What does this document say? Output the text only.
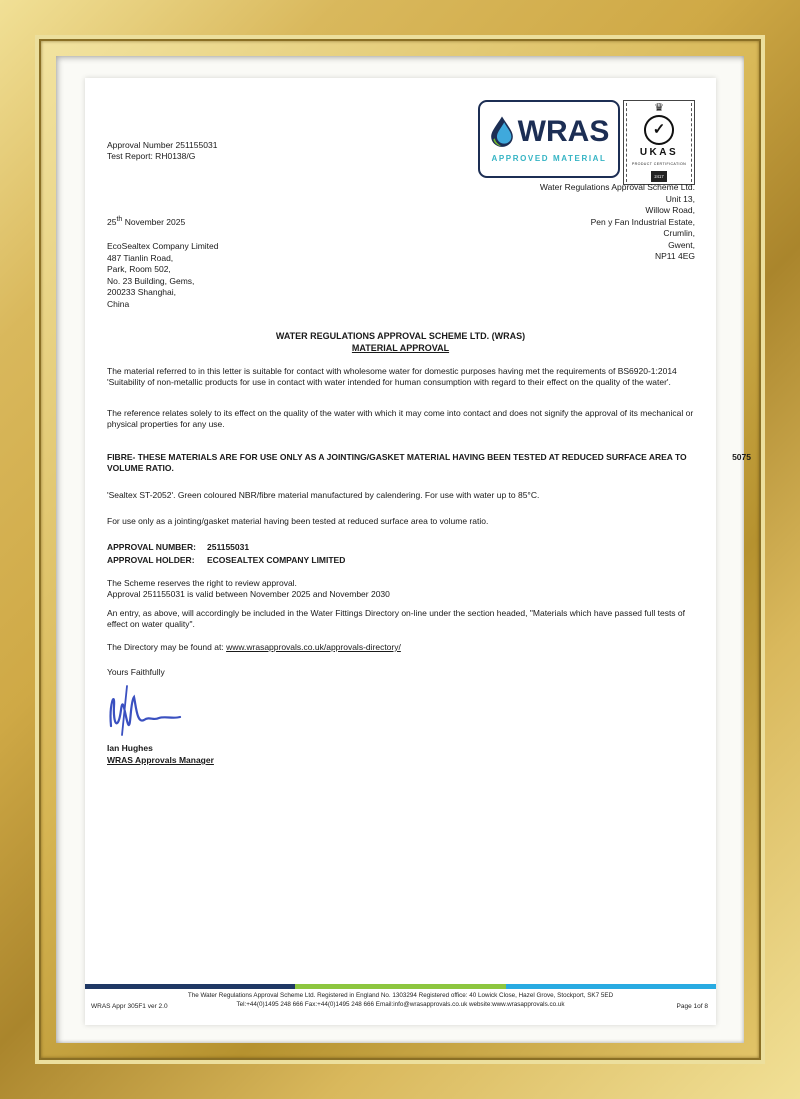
Approval Number 251155031
Test Report: RH0138/G
WRAS
APPROVED MATERIAL
♛
✓
UKAS
PRODUCT CERTIFICATION
2417
Water Regulations Approval Scheme Ltd.
Unit 13,
Willow Road,
Pen y Fan Industrial Estate,
Crumlin,
Gwent,
NP11 4EG
25th November 2025
EcoSealtex Company Limited
487 Tianlin Road,
Park, Room 502,
No. 23 Building, Gems,
200233 Shanghai,
China
WATER REGULATIONS APPROVAL SCHEME LTD. (WRAS)
MATERIAL APPROVAL
The material referred to in this letter is suitable for contact with wholesome water for domestic purposes having met the requirements of BS6920-1:2014 'Suitability of non-metallic products for use in contact with water intended for human consumption with regard to their effect on the quality of the water'.
The reference relates solely to its effect on the quality of the water with which it may come into contact and does not signify the approval of its mechanical or physical properties for any use.
FIBRE- THESE MATERIALS ARE FOR USE ONLY AS A JOINTING/GASKET MATERIAL HAVING BEEN TESTED AT REDUCED SURFACE AREA TO VOLUME RATIO.
5075
'Sealtex ST-2052'. Green coloured NBR/fibre material manufactured by calendering. For use with water up to 85°C.
For use only as a jointing/gasket material having been tested at reduced surface area to volume ratio.
APPROVAL NUMBER:	251155031
APPROVAL HOLDER:	ECOSEALTEX COMPANY LIMITED
The Scheme reserves the right to review approval.
Approval 251155031 is valid between November 2025 and November 2030
An entry, as above, will accordingly be included in the Water Fittings Directory on-line under the section headed, "Materials which have passed full tests of effect on water quality".
The Directory may be found at: www.wrasapprovals.co.uk/approvals-directory/
Yours Faithfully
Ian Hughes
WRAS Approvals Manager
The Water Regulations Approval Scheme Ltd. Registered in England No. 1303294 Registered office: 40 Lowick Close, Hazel Grove, Stockport, SK7 5ED
Tel:+44(0)1495 248 666 Fax:+44(0)1495 248 666 Email:info@wrasapprovals.co.uk website:www.wrasapprovals.co.uk
WRAS Appr 305F1 ver 2.0	Page 1of 8
